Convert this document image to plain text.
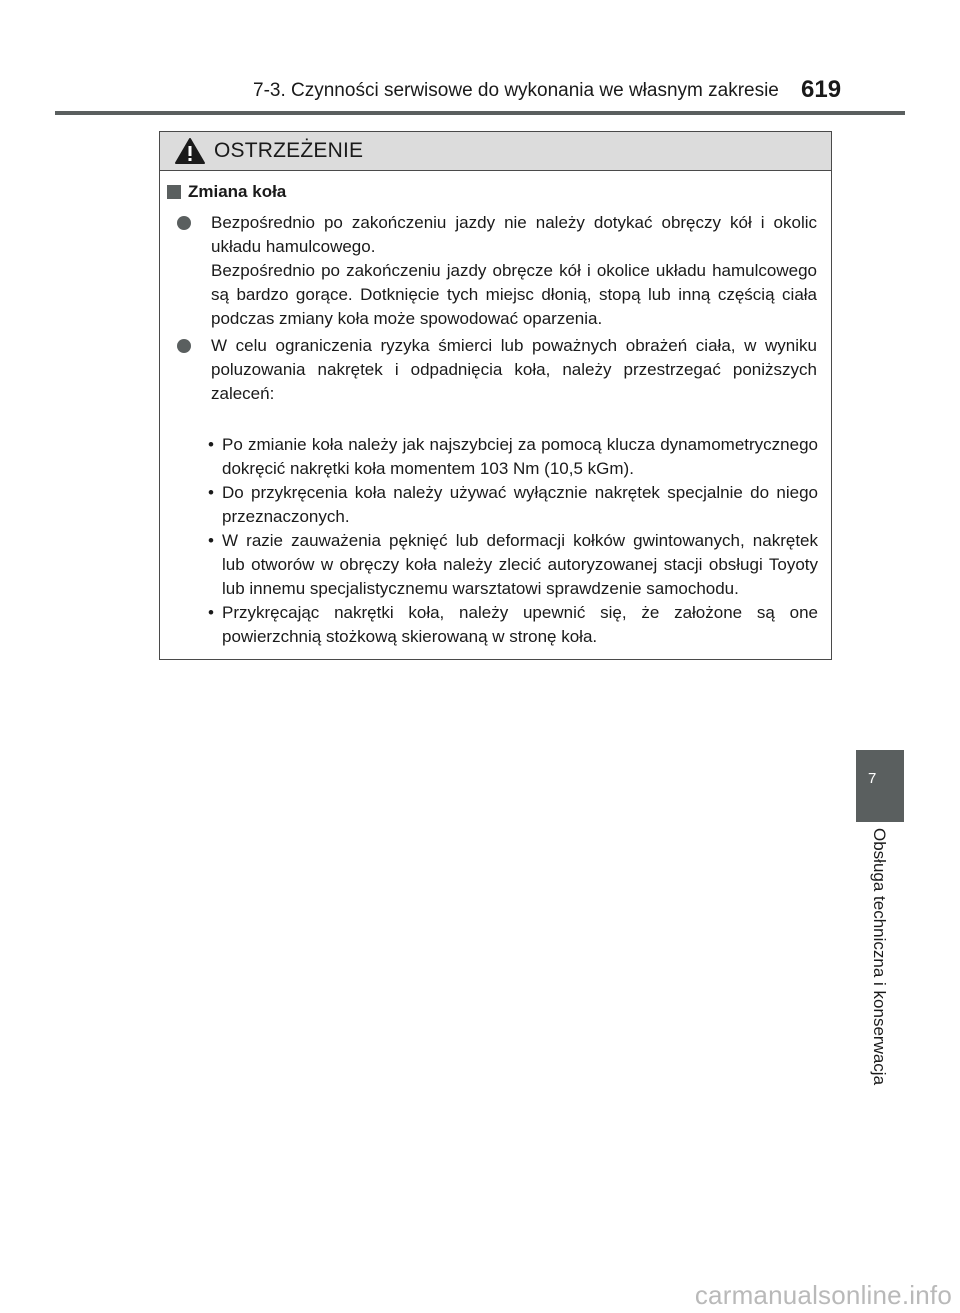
7-3. Czynności serwisowe do wykonania we własnym zakresie 619
OSTRZEŻENIE
Zmiana koła

Bezpośrednio po zakończeniu jazdy nie należy dotykać obręczy kół i okolic układu hamulcowego.

Bezpośrednio po zakończeniu jazdy obręcze kół i okolice układu hamulcowego są bardzo gorące. Dotknięcie tych miejsc dłonią, stopą lub inną częścią ciała podczas zmiany koła może spowodować oparzenia.

W celu ograniczenia ryzyka śmierci lub poważnych obrażeń ciała, w wyniku poluzowania nakrętek i odpadnięcia koła, należy przestrzegać poniższych zaleceń:

• Po zmianie koła należy jak najszybciej za pomocą klucza dynamometrycznego dokręcić nakrętki koła momentem 103 Nm (10,5 kGm).

• Do przykręcenia koła należy używać wyłącznie nakrętek specjalnie do niego przeznaczonych.

• W razie zauważenia pęknięć lub deformacji kołków gwintowanych, nakrętek lub otworów w obręczy koła należy zlecić autoryzowanej stacji obsługi Toyoty lub innemu specjalistycznemu warsztatowi sprawdzenie samochodu.

• Przykręcając nakrętki koła, należy upewnić się, że założone są one powierzchnią stożkową skierowaną w stronę koła.

7
Obsługa techniczna i konserwacja
carmanualsonline.info
